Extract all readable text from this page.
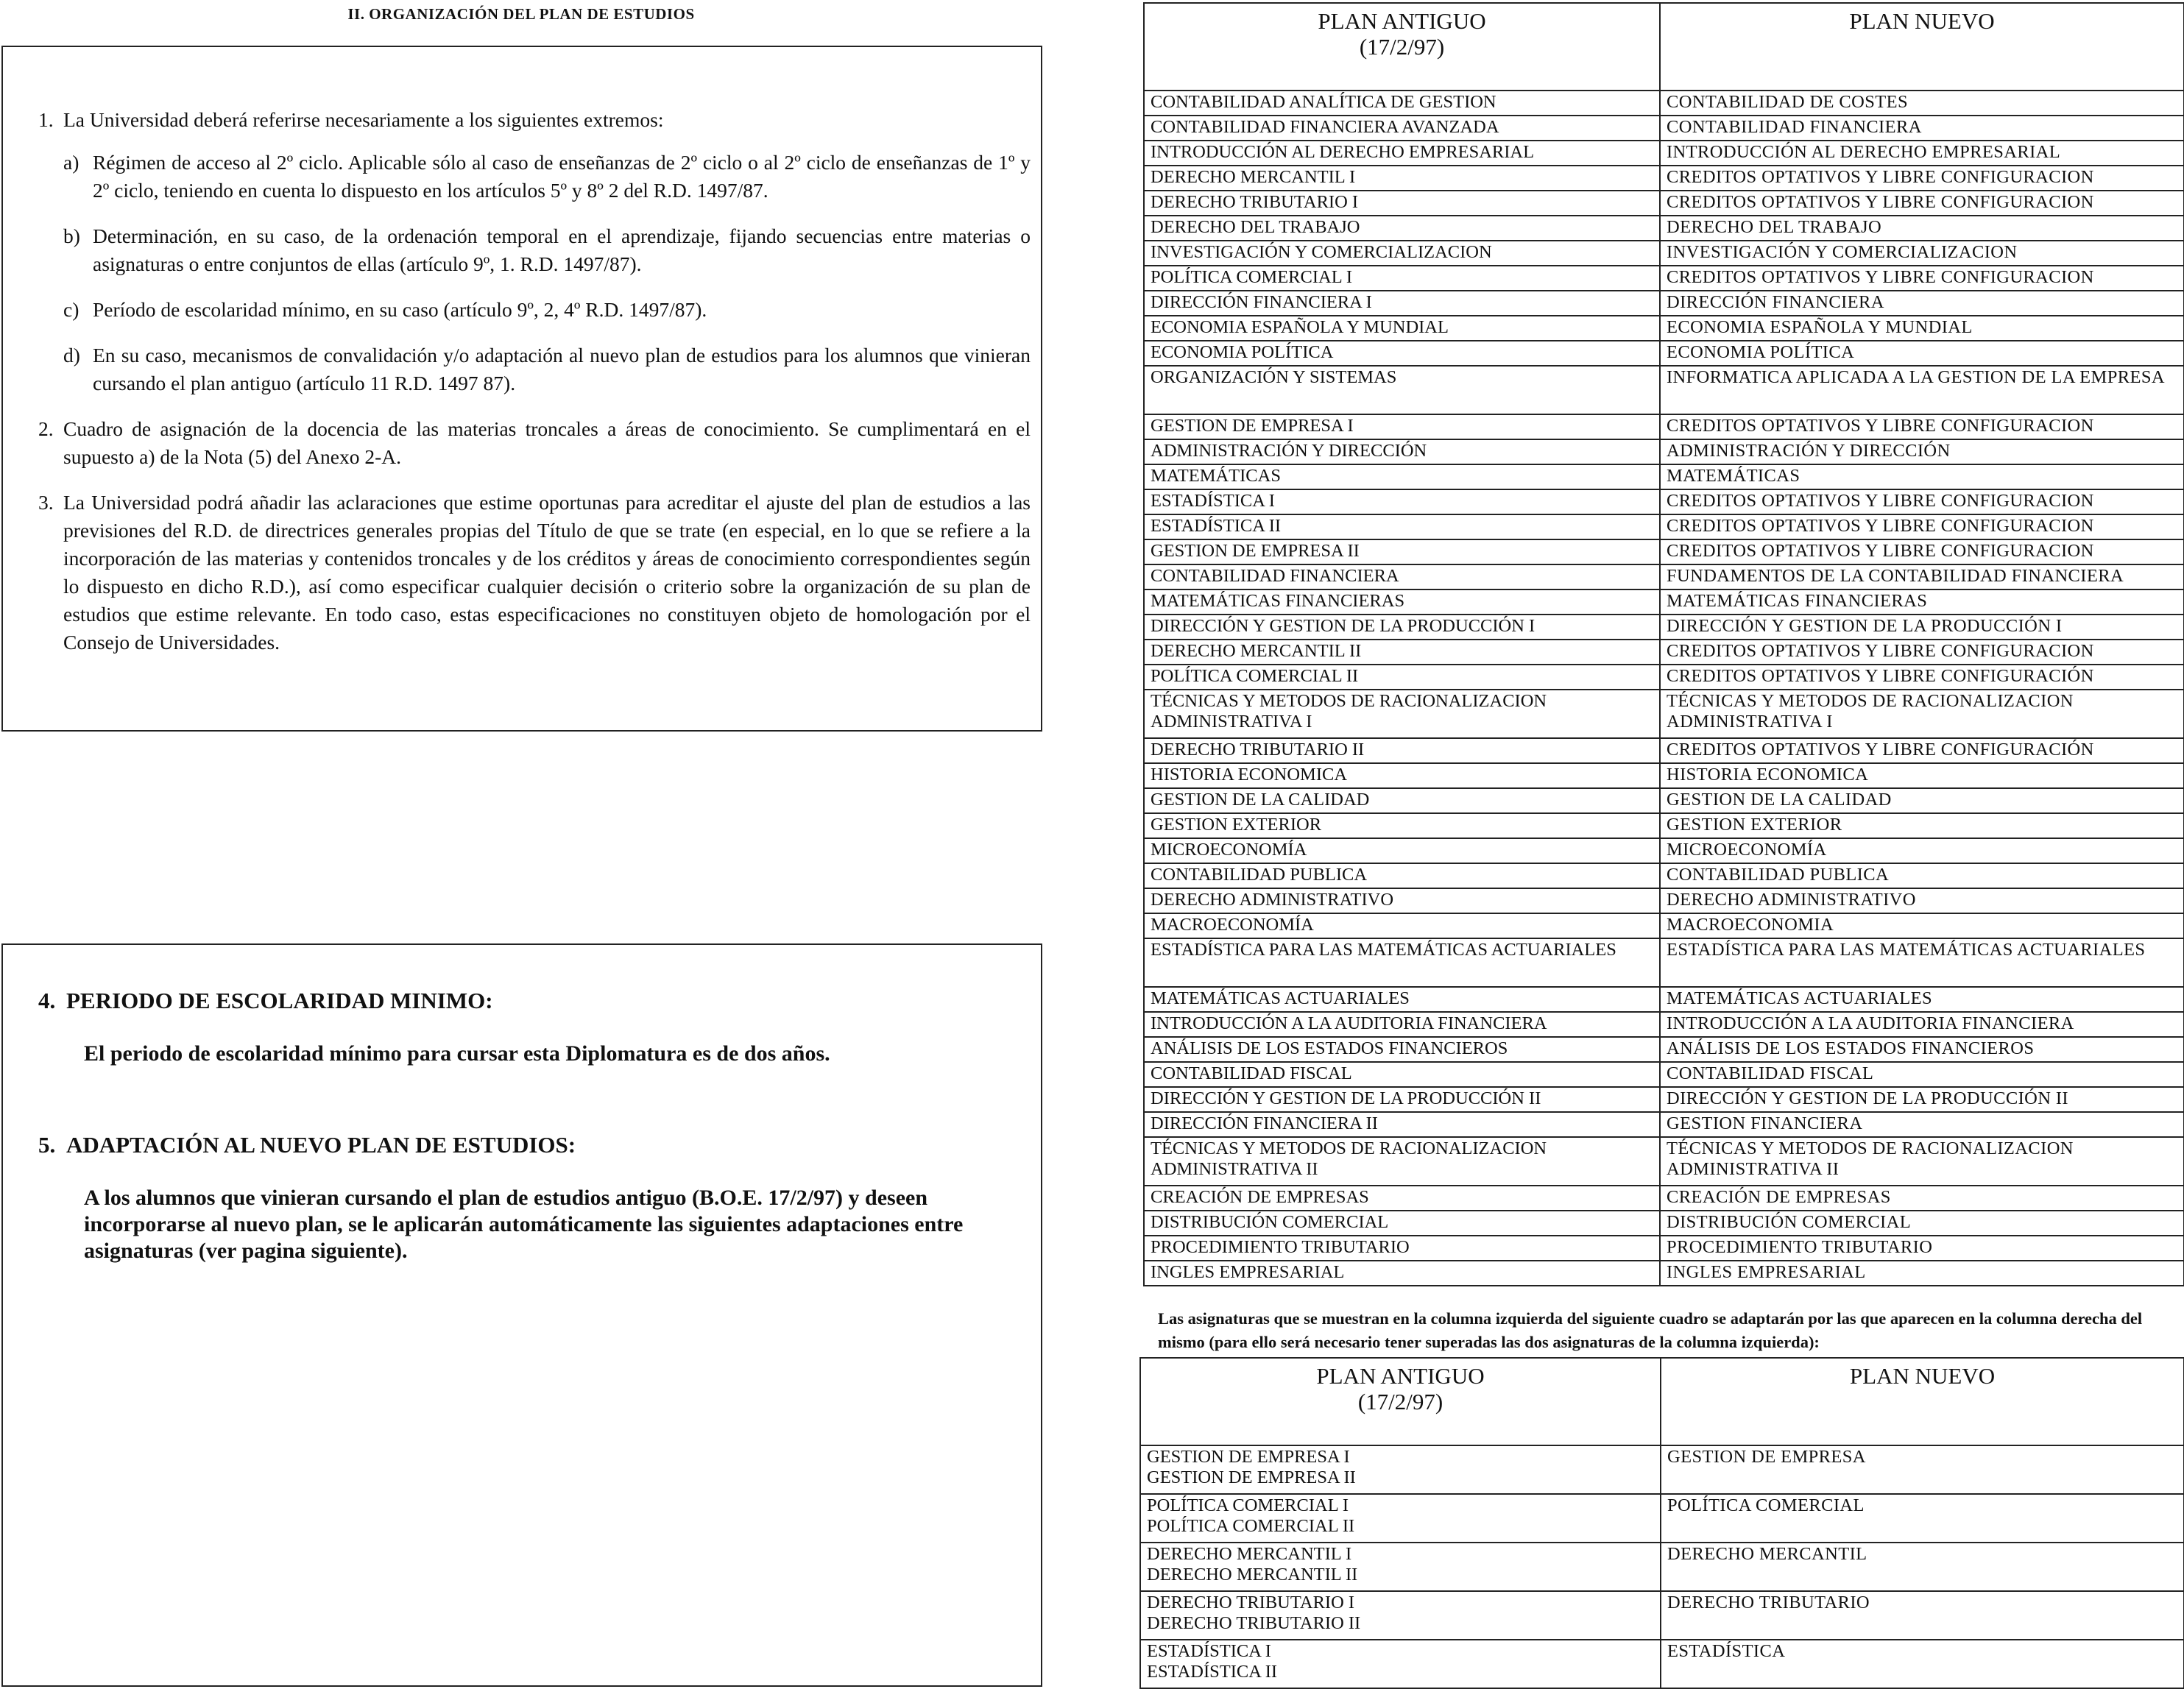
II. ORGANIZACIÓN DEL PLAN DE ESTUDIOS
1. La Universidad deberá referirse necesariamente a los siguientes extremos:
a) Régimen de acceso al 2º ciclo. Aplicable sólo al caso de enseñanzas de 2º ciclo o al 2º ciclo de enseñanzas de 1º y 2º ciclo, teniendo en cuenta lo dispuesto en los artículos 5º y 8º 2 del R.D. 1497/87.
b) Determinación, en su caso, de la ordenación temporal en el aprendizaje, fijando secuencias entre materias o asignaturas o entre conjuntos de ellas (artículo 9º, 1. R.D. 1497/87).
c) Período de escolaridad mínimo, en su caso (artículo 9º, 2, 4º R.D. 1497/87).
d) En su caso, mecanismos de convalidación y/o adaptación al nuevo plan de estudios para los alumnos que vinieran cursando el plan antiguo (artículo 11 R.D. 1497 87).
2. Cuadro de asignación de la docencia de las materias troncales a áreas de conocimiento. Se cumplimentará en el supuesto a) de la Nota (5) del Anexo 2-A.
3. La Universidad podrá añadir las aclaraciones que estime oportunas para acreditar el ajuste del plan de estudios a las previsiones del R.D. de directrices generales propias del Título de que se trate (en especial, en lo que se refiere a la incorporación de las materias y contenidos troncales y de los créditos y áreas de conocimiento correspondientes según lo dispuesto en dicho R.D.), así como especificar cualquier decisión o criterio sobre la organización de su plan de estudios que estime relevante. En todo caso, estas especificaciones no constituyen objeto de homologación por el Consejo de Universidades.
4. PERIODO DE ESCOLARIDAD MINIMO:
El periodo de escolaridad mínimo para cursar esta Diplomatura es de dos años.
5. ADAPTACIÓN AL NUEVO PLAN DE ESTUDIOS:
A los alumnos que vinieran cursando el plan de estudios antiguo (B.O.E. 17/2/97) y deseen incorporarse al nuevo plan, se le aplicarán automáticamente las siguientes adaptaciones entre asignaturas (ver pagina siguiente).
PLAN ANTIGUO
(17/2/97)	PLAN NUEVO

CONTABILIDAD ANALÍTICA DE GESTION	CONTABILIDAD DE COSTES
CONTABILIDAD FINANCIERA AVANZADA	CONTABILIDAD FINANCIERA
INTRODUCCIÓN AL DERECHO EMPRESARIAL	INTRODUCCIÓN AL DERECHO EMPRESARIAL
DERECHO MERCANTIL I	CREDITOS OPTATIVOS Y LIBRE CONFIGURACION
DERECHO TRIBUTARIO I	CREDITOS OPTATIVOS Y LIBRE CONFIGURACION
DERECHO DEL TRABAJO	DERECHO DEL TRABAJO
INVESTIGACIÓN Y COMERCIALIZACION	INVESTIGACIÓN Y COMERCIALIZACION
POLÍTICA COMERCIAL I	CREDITOS OPTATIVOS Y LIBRE CONFIGURACION
DIRECCIÓN FINANCIERA I	DIRECCIÓN FINANCIERA
ECONOMIA ESPAÑOLA Y MUNDIAL	ECONOMIA ESPAÑOLA Y MUNDIAL
ECONOMIA POLÍTICA	ECONOMIA POLÍTICA
ORGANIZACIÓN Y SISTEMAS	INFORMATICA APLICADA A LA GESTION DE LA EMPRESA
GESTION DE EMPRESA I	CREDITOS OPTATIVOS Y LIBRE CONFIGURACION
ADMINISTRACIÓN Y DIRECCIÓN	ADMINISTRACIÓN Y DIRECCIÓN
MATEMÁTICAS	MATEMÁTICAS
ESTADÍSTICA I	CREDITOS OPTATIVOS Y LIBRE CONFIGURACION
ESTADÍSTICA II	CREDITOS OPTATIVOS Y LIBRE CONFIGURACION
GESTION DE EMPRESA II	CREDITOS OPTATIVOS Y LIBRE CONFIGURACION
CONTABILIDAD FINANCIERA	FUNDAMENTOS DE LA CONTABILIDAD FINANCIERA
MATEMÁTICAS FINANCIERAS	MATEMÁTICAS FINANCIERAS
DIRECCIÓN Y GESTION DE LA PRODUCCIÓN I	DIRECCIÓN Y GESTION DE LA PRODUCCIÓN I
DERECHO MERCANTIL II	CREDITOS OPTATIVOS Y LIBRE CONFIGURACION
POLÍTICA COMERCIAL II	CREDITOS OPTATIVOS Y LIBRE CONFIGURACIÓN
TÉCNICAS Y METODOS DE RACIONALIZACION ADMINISTRATIVA I	TÉCNICAS Y METODOS DE RACIONALIZACION ADMINISTRATIVA I
DERECHO TRIBUTARIO II	CREDITOS OPTATIVOS Y LIBRE CONFIGURACIÓN
HISTORIA ECONOMICA	HISTORIA ECONOMICA
GESTION DE LA CALIDAD	GESTION DE LA CALIDAD
GESTION EXTERIOR	GESTION EXTERIOR
MICROECONOMÍA	MICROECONOMÍA
CONTABILIDAD PUBLICA	CONTABILIDAD PUBLICA
DERECHO ADMINISTRATIVO	DERECHO ADMINISTRATIVO
MACROECONOMÍA	MACROECONOMIA
ESTADÍSTICA PARA LAS MATEMÁTICAS ACTUARIALES	ESTADÍSTICA PARA LAS MATEMÁTICAS ACTUARIALES
MATEMÁTICAS ACTUARIALES	MATEMÁTICAS ACTUARIALES
INTRODUCCIÓN A LA AUDITORIA FINANCIERA	INTRODUCCIÓN A LA AUDITORIA FINANCIERA
ANÁLISIS DE LOS ESTADOS FINANCIEROS	ANÁLISIS DE LOS ESTADOS FINANCIEROS
CONTABILIDAD FISCAL	CONTABILIDAD FISCAL
DIRECCIÓN Y GESTION DE LA PRODUCCIÓN II	DIRECCIÓN Y GESTION DE LA PRODUCCIÓN II
DIRECCIÓN FINANCIERA II	GESTION FINANCIERA
TÉCNICAS Y METODOS DE RACIONALIZACION ADMINISTRATIVA II	TÉCNICAS Y METODOS DE RACIONALIZACION ADMINISTRATIVA II
CREACIÓN DE EMPRESAS	CREACIÓN DE EMPRESAS
DISTRIBUCIÓN COMERCIAL	DISTRIBUCIÓN COMERCIAL
PROCEDIMIENTO TRIBUTARIO	PROCEDIMIENTO TRIBUTARIO
INGLES EMPRESARIAL	INGLES EMPRESARIAL
Las asignaturas que se muestran en la columna izquierda del siguiente cuadro se adaptarán por las que aparecen en la columna derecha del mismo (para ello será necesario tener superadas las dos asignaturas de la columna izquierda):
PLAN ANTIGUO
(17/2/97)	PLAN NUEVO

GESTION DE EMPRESA I
GESTION DE EMPRESA II	GESTION DE EMPRESA

POLÍTICA COMERCIAL I
POLÍTICA COMERCIAL II	POLÍTICA COMERCIAL

DERECHO MERCANTIL I
DERECHO MERCANTIL II	DERECHO MERCANTIL

DERECHO TRIBUTARIO I
DERECHO TRIBUTARIO II	DERECHO TRIBUTARIO

ESTADÍSTICA I
ESTADÍSTICA II	ESTADÍSTICA
